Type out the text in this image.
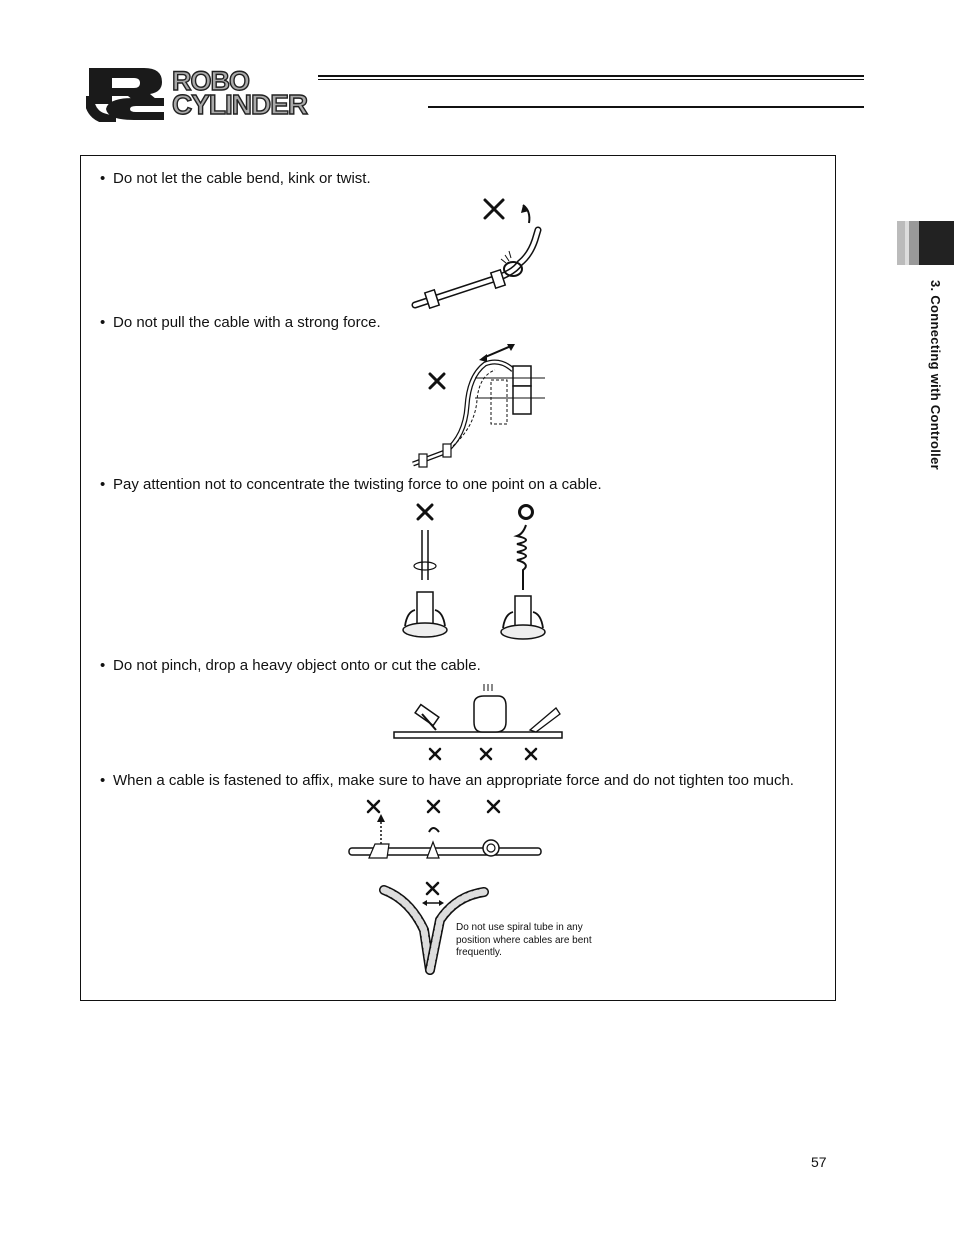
ROBO
CYLINDER
3. Connecting with Controller
• Do not let the cable bend, kink or twist.
• Do not pull the cable with a strong force.
• Pay attention not to concentrate the twisting force to one point on a cable.
• Do not pinch, drop a heavy object onto or cut the cable.
• When a cable is fastened to affix, make sure to have an appropriate force and do not tighten too much.
Do not use spiral tube in any position where cables are bent frequently.
57
